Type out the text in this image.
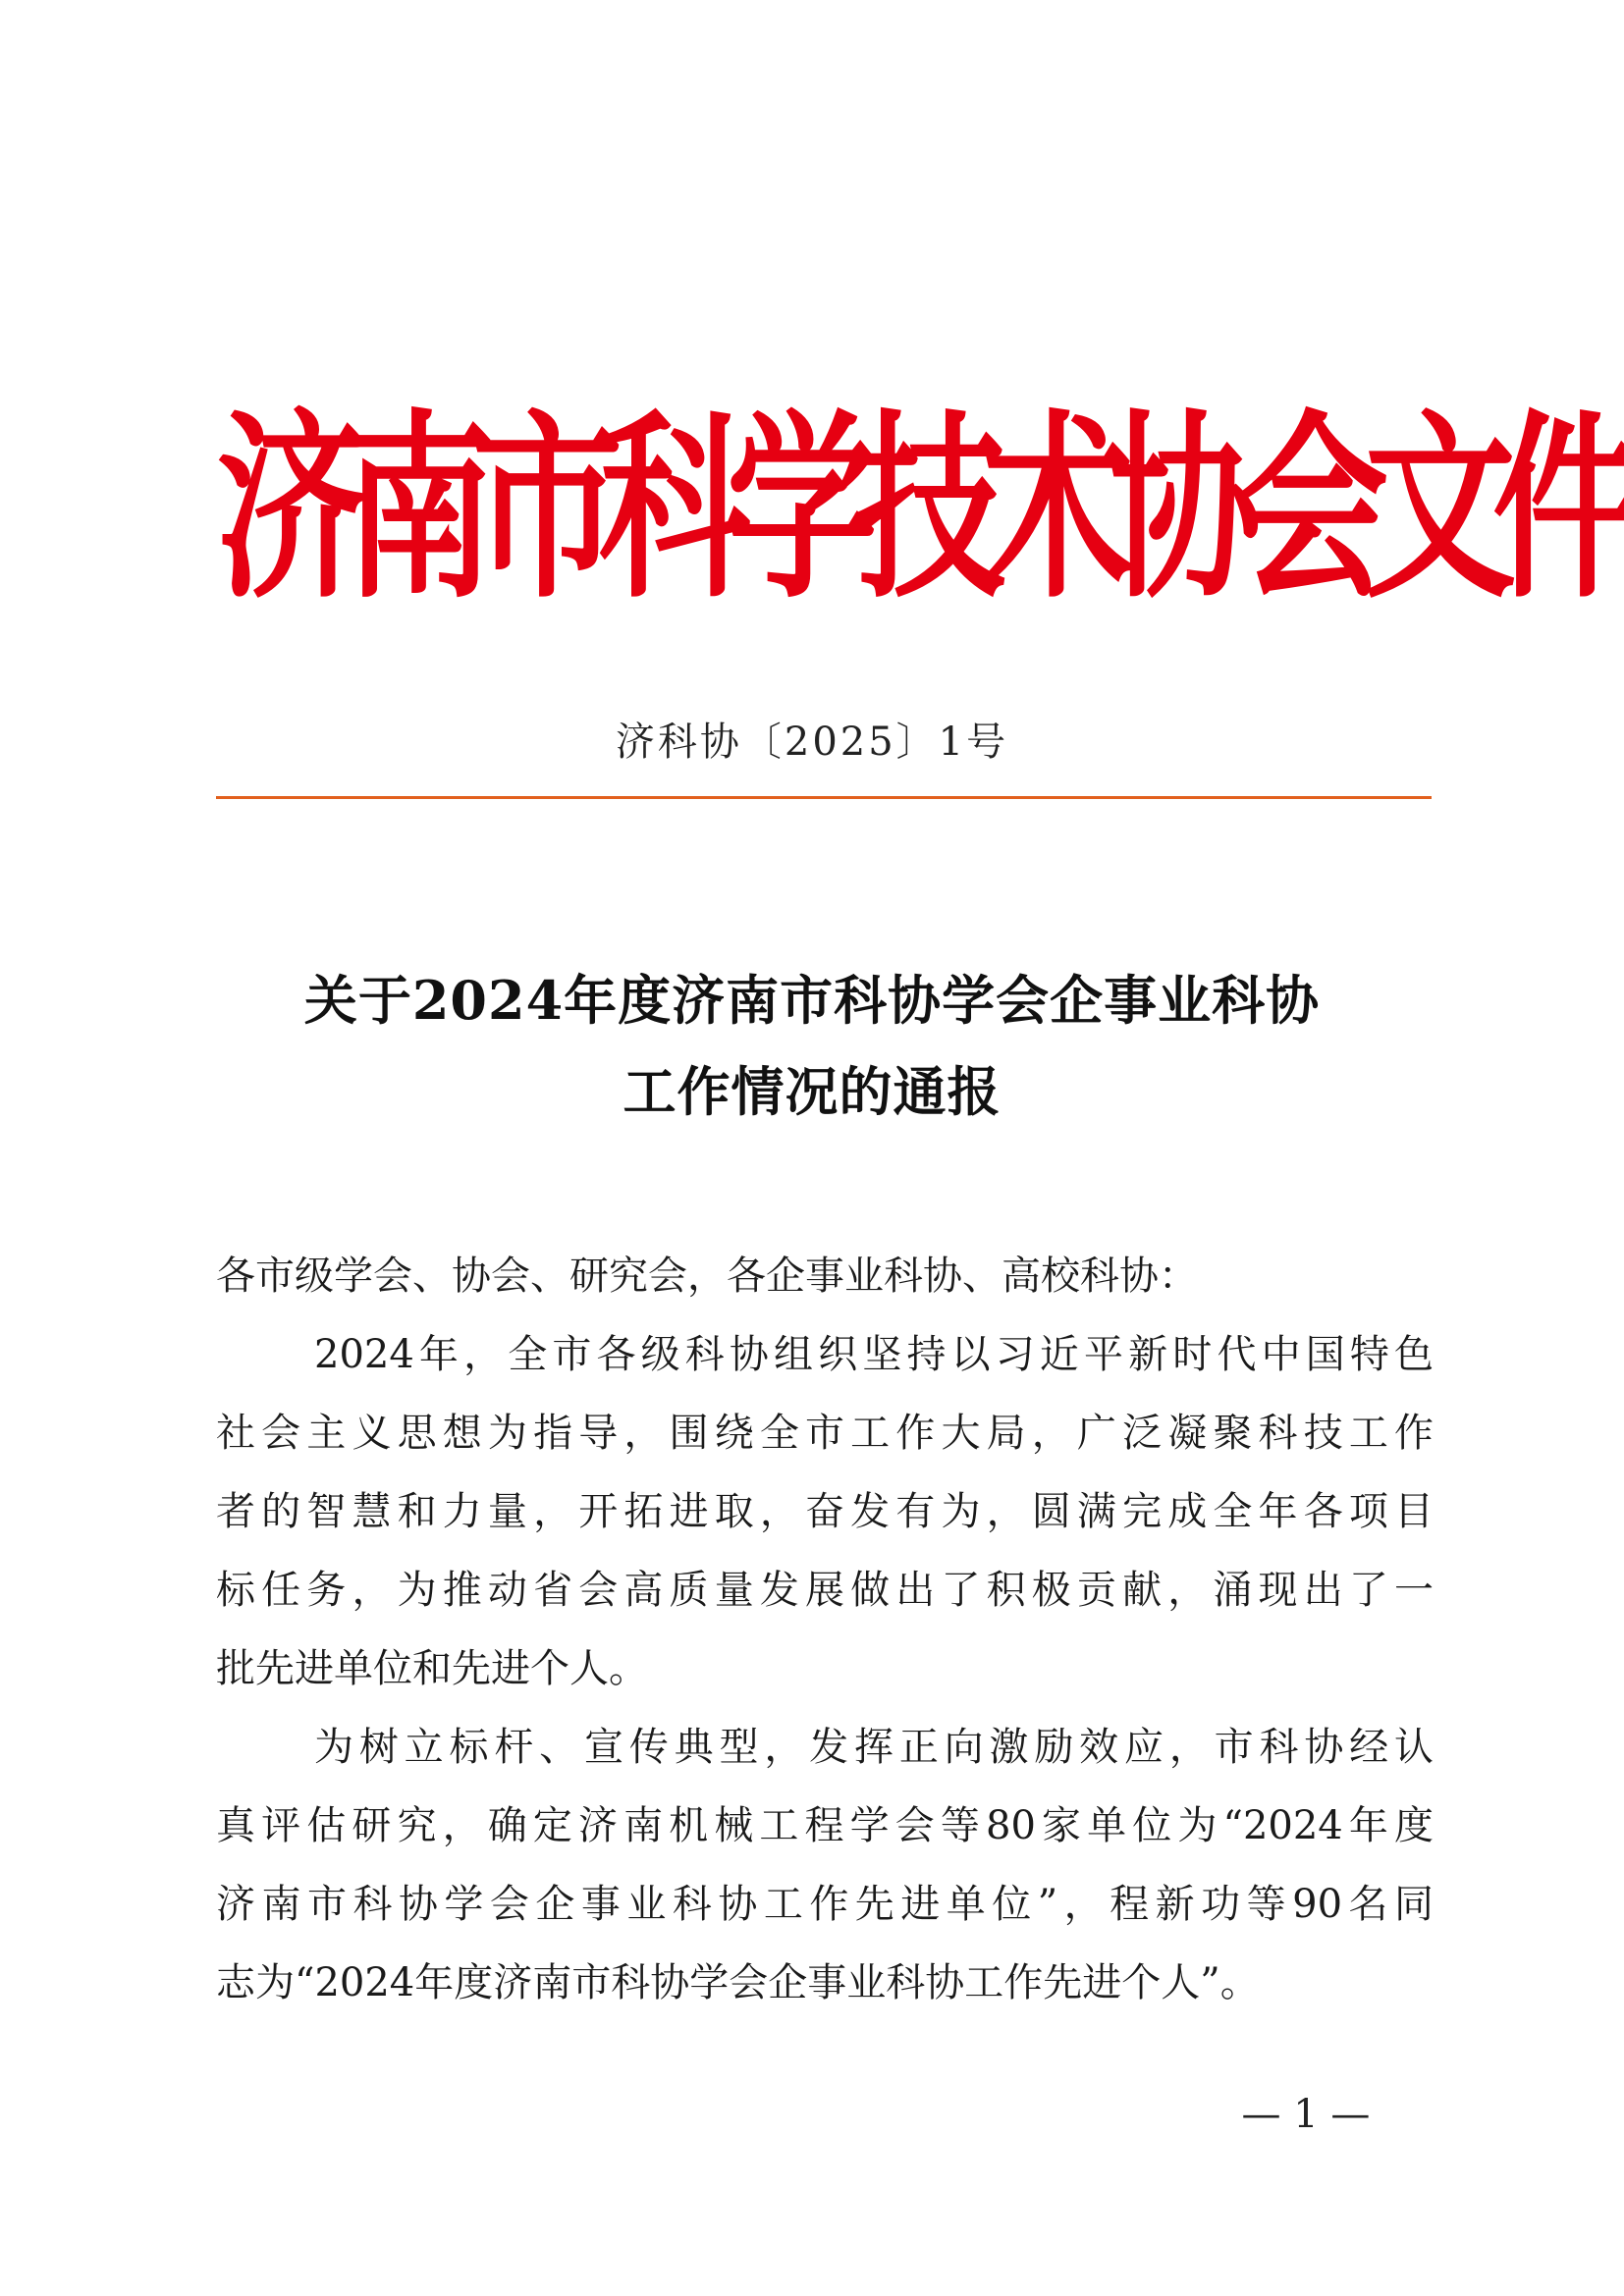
济南市科学技术协会文件
济科协〔2025〕1号
关于2024年度济南市科协学会企事业科协
工作情况的通报
各市级学会、协会、研究会，各企事业科协、高校科协：
2024年，全市各级科协组织坚持以习近平新时代中国特色
社会主义思想为指导，围绕全市工作大局，广泛凝聚科技工作
者的智慧和力量，开拓进取，奋发有为，圆满完成全年各项目
标任务，为推动省会高质量发展做出了积极贡献，涌现出了一
批先进单位和先进个人。
为树立标杆、宣传典型，发挥正向激励效应，市科协经认
真评估研究，确定济南机械工程学会等80家单位为“2024年度
济南市科协学会企事业科协工作先进单位”，程新功等90名同
志为“2024年度济南市科协学会企事业科协工作先进个人”。
— 1 —
